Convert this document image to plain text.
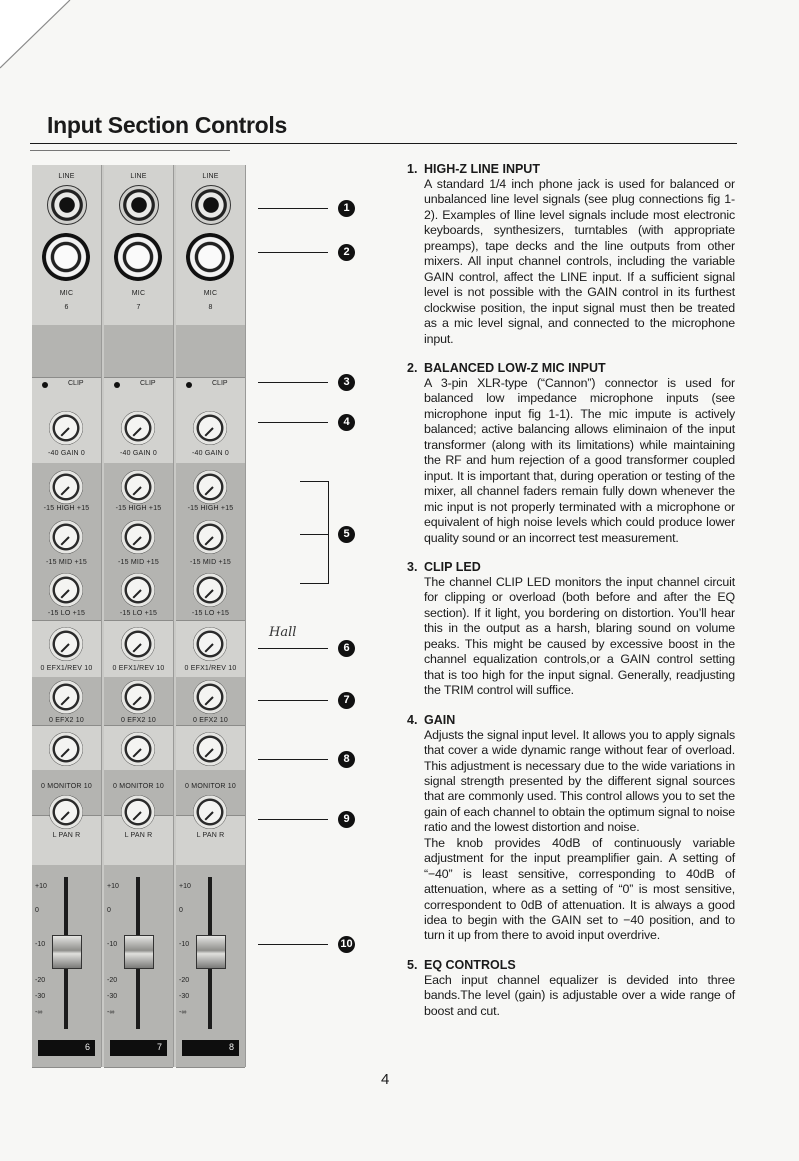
Input Section Controls
LINE
MIC
6
CLIP
-40 GAIN 0
-15 HIGH +15
-15 MID +15
-15 LO +15
0 EFX1/REV 10
0 EFX2 10
0 MONITOR 10
L PAN R
+10
0
-10
-20
-30
-∞
6
LINE
MIC
7
CLIP
-40 GAIN 0
-15 HIGH +15
-15 MID +15
-15 LO +15
0 EFX1/REV 10
0 EFX2 10
0 MONITOR 10
L PAN R
+10
0
-10
-20
-30
-∞
7
LINE
MIC
8
CLIP
-40 GAIN 0
-15 HIGH +15
-15 MID +15
-15 LO +15
0 EFX1/REV 10
0 EFX2 10
0 MONITOR 10
L PAN R
+10
0
-10
-20
-30
-∞
8
1
2
3
4
5
6
7
8
9
10
Hall
1. HIGH-Z LINE INPUT

A standard 1/4 inch phone jack is used for balanced or unbalanced line level signals (see plug connections fig 1-2). Examples of lline level signals include most electronic keyboards, synthesizers, turntables (with appropriate preamps), tape decks and the line outputs from other mixers. All input channel controls, including the variable GAIN control, affect the LINE input. If a sufficient signal level is not possible with the GAIN control in its furthest clockwise position, the input signal must then be treated as a mic level signal, and connected to the microphone input.

2. BALANCED LOW-Z MIC INPUT

A 3-pin XLR-type (“Cannon”) connector is used for balanced low impedance microphone inputs (see microphone input fig 1-1). The mic impute is actively balanced; active balancing allows eliminaion of the input transformer (along with its limitations) while maintaining the RF and hum rejection of a good transformer coupled input. It is important that, during operation or testing of the mixer, all channel faders remain fully down whenever the mic input is not properly terminated with a microphone or equivalent of high noise levels which could produce lower quality sound or an incorrect test measurement.

3. CLIP LED

The channel CLIP LED monitors the input channel circuit for clipping or overload (both before and after the EQ section). If it light, you bordering on distortion. You’ll hear this in the output as a harsh, blaring sound on volume peaks. This might be caused by excessive boost in the channel equalization controls,or a GAIN control setting that is too high for the input signal. Generally, readjusting the TRIM control will suffice.

4. GAIN

Adjusts the signal input level. It allows you to apply signals that cover a wide dynamic range without fear of overload. This adjustment is necessary due to the wide variations in signal strength presented by the different signal sources that are commonly used. This control allows you to set the gain of each channel to obtain the optimum signal to noise ratio and the lowest distortion and noise.

The knob provides 40dB of continuously variable adjustment for the input preamplifier gain. A setting of “−40” is least sensitive, corresponding to 40dB of attenuation, where as a setting of “0” is most sensitive, correspondent to 0dB of attenuation. It is always a good idea to begin with the GAIN set to −40 position, and to turn it up from there to avoid input overdrive.

5. EQ CONTROLS

Each input channel equalizer is devided into three bands.The level (gain) is adjustable over a wide range of boost and cut.

4
